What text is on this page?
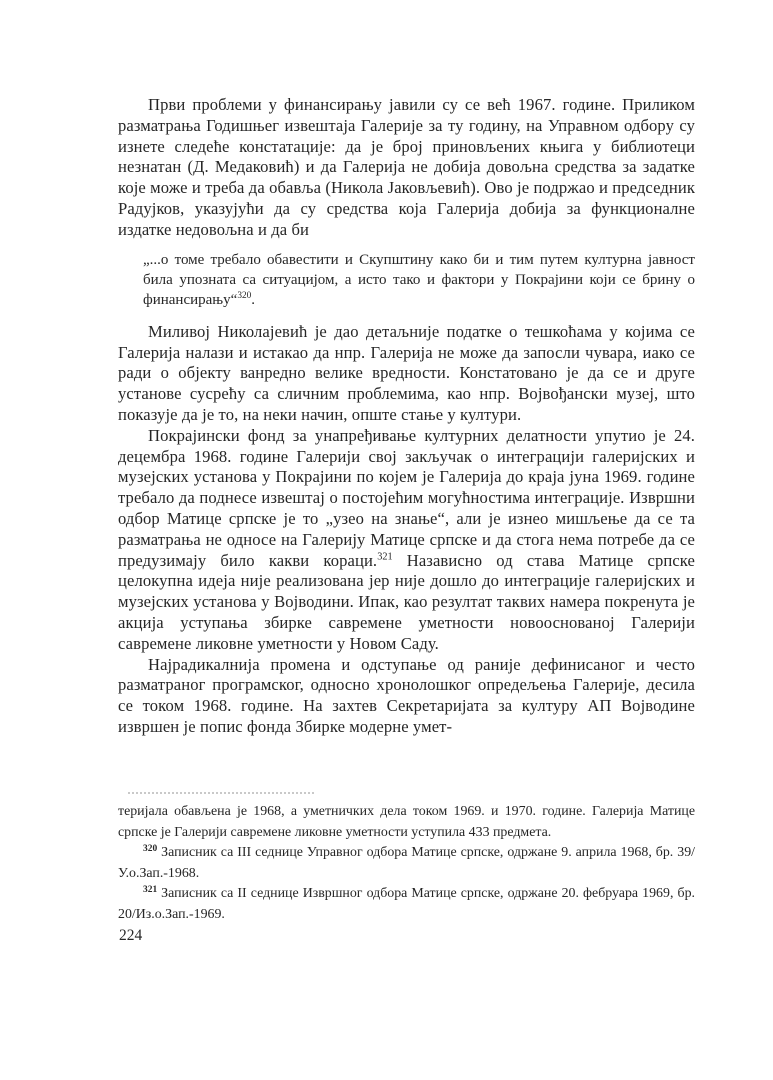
Први проблеми у финансирању јавили су се већ 1967. године. Приликом разматрања Годишњег извештаја Галерије за ту годину, на Управном одбору су изнете следеће констатације: да је број приновљених књига у библиотеци незнатан (Д. Медаковић) и да Галерија не добија довољна средства за задатке које може и треба да обавља (Никола Јаковљевић). Ово је подржао и председник Радујков, указујући да су средства која Галерија добија за функционалне издатке недовољна и да би

„...о томе требало обавестити и Скупштину како би и тим путем културна јавност била упозната са ситуацијом, а исто тако и фактори у Покрајини који се брину о финансирању“$^{320}$.

Миливој Николајевић је дао детаљније податке о тешкоћама у којима се Галерија налази и истакао да нпр. Галерија не може да запосли чувара, иако се ради о објекту ванредно велике вредности. Констатовано је да се и друге установе сусрећу са сличним проблемима, као нпр. Војвођански музеј, што показује да је то, на неки начин, опште стање у култури.

Покрајински фонд за унапређивање културних делатности упутио је 24. децембра 1968. године Галерији свој закључак о интеграцији галеријских и музејских установа у Покрајини по којем је Галерија до краја јуна 1969. године требало да поднесе извештај о постојећим могућностима интеграције. Извршни одбор Матице српске је то „узео на знање“, али је изнео мишљење да се та разматрања не односе на Галерију Матице српске и да стога нема потребе да се предузимају било какви кораци.$^{321}$ Назависно од става Матице српске целокупна идеја није реализована јер није дошло до интеграције галеријских и музејских установа у Војводини. Ипак, као резултат таквих намера покренута је акција уступања збирке савремене уметности новооснованој Галерији савремене ликовне уметности у Новом Саду.

Најрадикалнија промена и одступање од раније дефинисаног и често разматраног програмског, односно хронолошког опредељења Галерије, десила се током 1968. године. На захтев Секретаријата за културу АП Војводине извршен је попис фонда Збирке модерне умет-

теријала обављена је 1968, а уметничких дела током 1969. и 1970. године. Галерија Матице српске је Галерији савремене ликовне уметности уступила 433 предмета.

$^{320}$ Записник са III седнице Управног одбора Матице српске, одржане 9. априла 1968, бр. 39/У.о.Зап.-1968.

$^{321}$ Записник са II седнице Извршног одбора Матице српске, одржане 20. фебруара 1969, бр. 20/Из.о.Зап.-1969.

224
